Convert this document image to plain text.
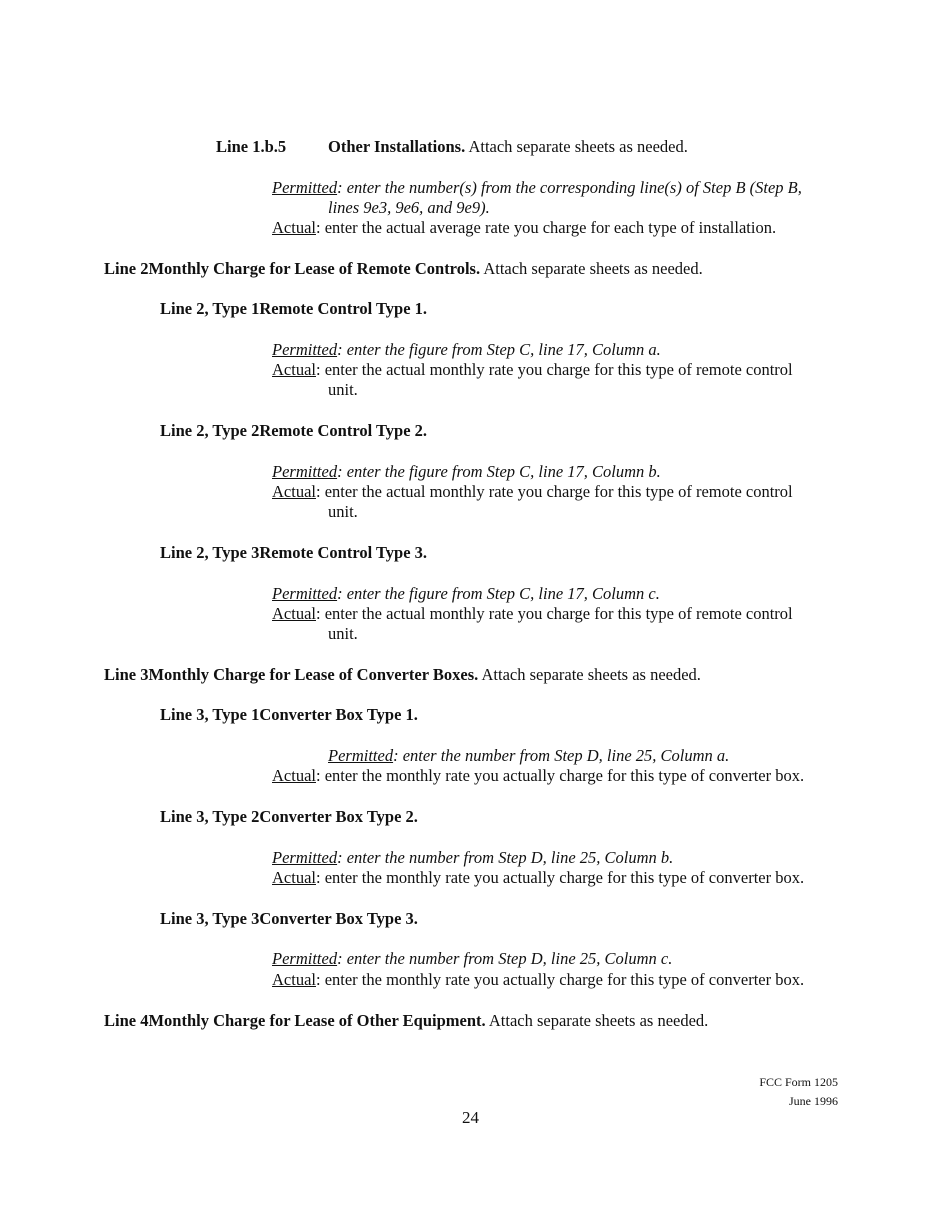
Line 1.b.5	Other Installations. Attach separate sheets as needed.
Permitted: enter the number(s) from the corresponding line(s) of Step B (Step B,
lines 9e3, 9e6, and 9e9).
Actual: enter the actual average rate you charge for each type of installation.
Line 2Monthly Charge for Lease of Remote Controls. Attach separate sheets as needed.
Line 2, Type 1Remote Control Type 1.
Permitted: enter the figure from Step C, line 17, Column a.
Actual: enter the actual monthly rate you charge for this type of remote control
unit.
Line 2, Type 2Remote Control Type 2.
Permitted: enter the figure from Step C, line 17, Column b.
Actual: enter the actual monthly rate you charge for this type of remote control
unit.
Line 2, Type 3Remote Control Type 3.
Permitted: enter the figure from Step C, line 17, Column c.
Actual: enter the actual monthly rate you charge for this type of remote control
unit.
Line 3Monthly Charge for Lease of Converter Boxes. Attach separate sheets as needed.
Line 3, Type 1Converter Box Type 1.
Permitted: enter the number from Step D, line 25, Column a.
Actual: enter the monthly rate you actually charge for this type of converter box.
Line 3, Type 2Converter Box Type 2.
Permitted: enter the number from Step D, line 25, Column b.
Actual: enter the monthly rate you actually charge for this type of converter box.
Line 3, Type 3Converter Box Type 3.
Permitted: enter the number from Step D, line 25, Column c.
Actual: enter the monthly rate you actually charge for this type of converter box.
Line 4Monthly Charge for Lease of Other Equipment. Attach separate sheets as needed.
FCC Form 1205
June 1996
24
